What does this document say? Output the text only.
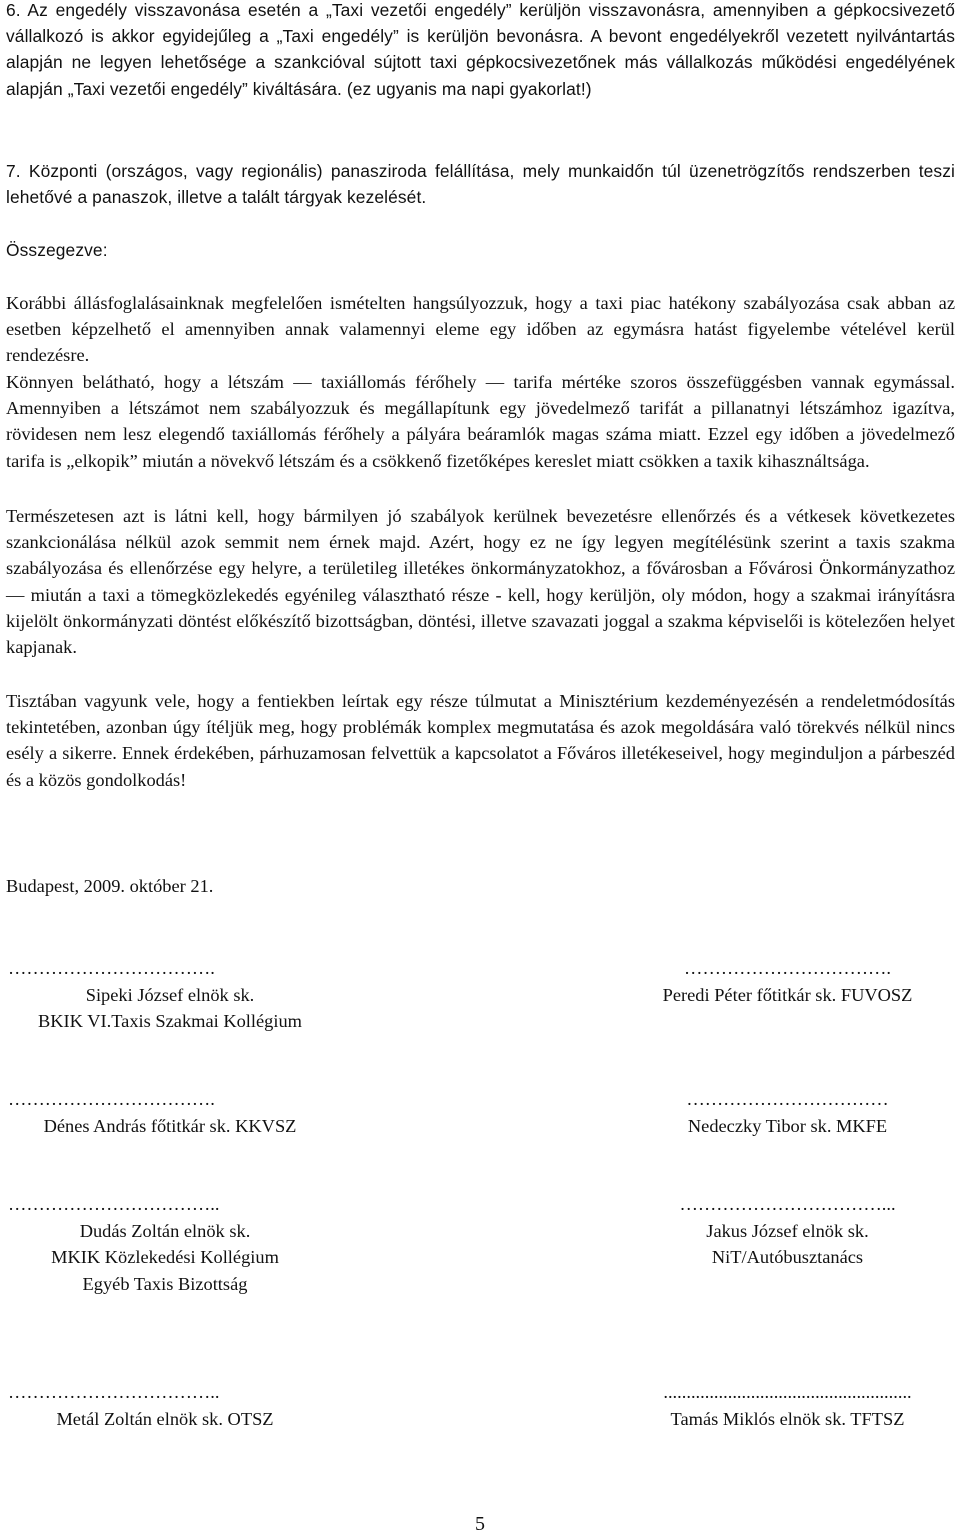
6. Az engedély visszavonása esetén a „Taxi vezetői engedély” kerüljön visszavonásra, amennyiben a gépkocsivezető vállalkozó is akkor egyidejűleg a „Taxi engedély” is kerüljön bevonásra. A bevont engedélyekről vezetett nyilvántartás alapján ne legyen lehetősége a szankcióval sújtott taxi gépkocsivezetőnek más vállalkozás működési engedélyének alapján „Taxi vezetői engedély” kiváltására. (ez ugyanis ma napi gyakorlat!)

7. Központi (országos, vagy regionális) panasziroda felállítása, mely munkaidőn túl üzenetrögzítős rendszerben teszi lehetővé a panaszok, illetve a talált tárgyak kezelését.

Összegezve:

Korábbi állásfoglalásainknak megfelelően ismételten hangsúlyozzuk, hogy a taxi piac hatékony szabályozása csak abban az esetben képzelhető el amennyiben annak valamennyi eleme egy időben az egymásra hatást figyelembe vételével kerül rendezésre.

Könnyen belátható, hogy a létszám — taxiállomás férőhely — tarifa mértéke szoros összefüggésben vannak egymással. Amennyiben a létszámot nem szabályozzuk és megállapítunk egy jövedelmező tarifát a pillanatnyi létszámhoz igazítva, rövidesen nem lesz elegendő taxiállomás férőhely a pályára beáramlók magas száma miatt. Ezzel egy időben a jövedelmező tarifa is „elkopik” miután a növekvő létszám és a csökkenő fizetőképes kereslet miatt csökken a taxik kihasználtsága.

Természetesen azt is látni kell, hogy bármilyen jó szabályok kerülnek bevezetésre ellenőrzés és a vétkesek következetes szankcionálása nélkül azok semmit nem érnek majd. Azért, hogy ez ne így legyen megítélésünk szerint a taxis szakma szabályozása és ellenőrzése egy helyre, a területileg illetékes önkormányzatokhoz, a fővárosban a Fővárosi Önkormányzathoz — miután a taxi a tömegközlekedés egyénileg választható része - kell, hogy kerüljön, oly módon, hogy a szakmai irányításra kijelölt önkormányzati döntést előkészítő bizottságban, döntési, illetve szavazati joggal a szakma képviselői is kötelezően helyet kapjanak.

Tisztában vagyunk vele, hogy a fentiekben leírtak egy része túlmutat a Minisztérium kezdeményezésén a rendeletmódosítás tekintetében, azonban úgy ítéljük meg, hogy problémák komplex megmutatása és azok megoldására való törekvés nélkül nincs esély a sikerre. Ennek érdekében, párhuzamosan felvettük a kapcsolatot a Főváros illetékeseivel, hogy meginduljon a párbeszéd és a közös gondolkodás!

Budapest, 2009. október 21.

…………………………….
Sipeki József elnök sk.
BKIK VI.Taxis Szakmai Kollégium
…………………………….
Peredi Péter főtitkár sk. FUVOSZ
…………………………….
Dénes András főtitkár sk. KKVSZ
……………………………
Nedeczky Tibor sk. MKFE
……………………………..
Dudás Zoltán elnök sk.
MKIK Közlekedési Kollégium
Egyéb Taxis Bizottság
……………………………...
Jakus József elnök sk.
NiT/Autóbusztanács
……………………………..
Metál Zoltán elnök sk. OTSZ
......................................................
Tamás Miklós elnök sk. TFTSZ
5
